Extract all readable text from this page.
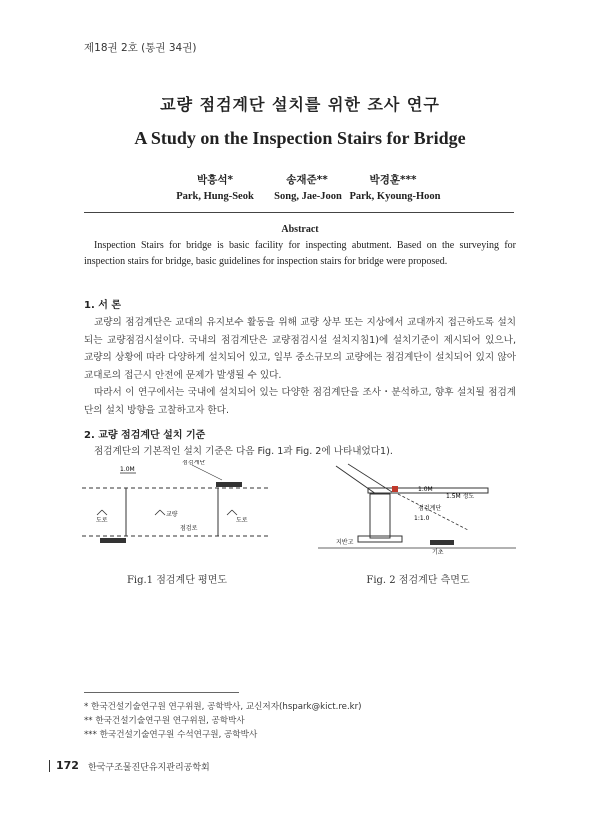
제18권 2호 (통권 34권)
교량 점검계단 설치를 위한 조사 연구
A Study on the Inspection Stairs for Bridge
박흥석*	송재준**	박경훈***
Park, Hung-Seok	Song, Jae-Joon Park, Kyoung-Hoon
Abstract
Inspection Stairs for bridge is basic facility for inspecting abutment. Based on the surveying for inspection stairs for bridge, basic guidelines for inspection stairs for bridge were proposed.
1. 서 론
교량의 점검계단은 교대의 유지보수 활동을 위해 교량 상부 또는 지상에서 교대까지 접근하도록 설치되는 교량점검시설이다. 국내의 점검계단은 교량점검시설 설치지침1)에 설치기준이 제시되어 있으나, 교량의 상황에 따라 다양하게 설치되어 있고, 일부 중소규모의 교량에는 점검계단이 설치되어 있지 않아 교대로의 접근시 안전에 문제가 발생될 수 있다.
따라서 이 연구에서는 국내에 설치되어 있는 다양한 점검계단을 조사・분석하고, 향후 설치될 점검계단의 설치 방향을 고찰하고자 한다.
2. 교량 점검계단 설치 기준
점검계단의 기본적인 설치 기준은 다음 Fig. 1과 Fig. 2에 나타내었다1).
1.0M
점검계단
도로
교량
점검로
도로
Fig.1 점검계단 평면도
1.0M
1.5M 정도
점검계단
1:1.0
지반고
기초
Fig. 2 점검계단 측면도
* 한국건설기술연구원 연구위원, 공학박사, 교신저자(hspark@kict.re.kr)
** 한국건설기술연구원 연구위원, 공학박사
*** 한국건설기술연구원 수석연구원, 공학박사
172 한국구조물진단유지관리공학회
